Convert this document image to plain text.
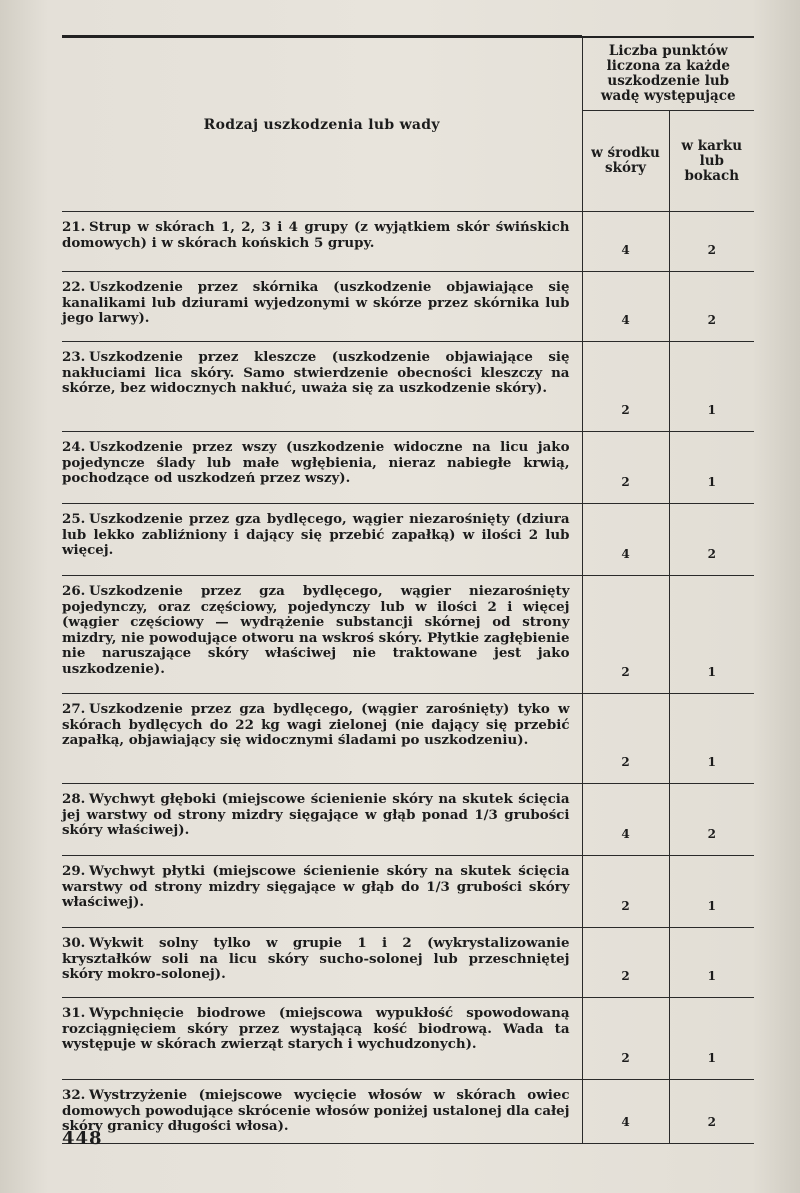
Rodzaj uszkodzenia lub wady	Liczba punktów liczona za każde uszkodzenie lub wadę występujące	
	w środku skóry	w karku lub bokach
21. Strup w skórach 1, 2, 3 i 4 grupy (z wyjątkiem skór świńskich domowych) i w skórach końskich 5 grupy.	4	2
22. Uszkodzenie przez skórnika (uszkodzenie objawiające się kanalikami lub dziurami wyjedzonymi w skórze przez skórnika lub jego larwy).	4	2
23. Uszkodzenie przez kleszcze (uszkodzenie objawiające się nakłuciami lica skóry. Samo stwierdzenie obecności kleszczy na skórze, bez widocznych nakłuć, uważa się za uszkodzenie skóry).	2	1
24. Uszkodzenie przez wszy (uszkodzenie widoczne na licu jako pojedyncze ślady lub małe wgłębienia, nieraz nabiegłe krwią, pochodzące od uszkodzeń przez wszy).	2	1
25. Uszkodzenie przez gza bydlęcego, wągier niezarośnięty (dziura lub lekko zabliźniony i dający się przebić zapałką) w ilości 2 lub więcej.	4	2
26. Uszkodzenie przez gza bydlęcego, wągier niezarośnięty pojedynczy, oraz częściowy, pojedynczy lub w ilości 2 i więcej (wągier częściowy — wydrążenie substancji skórnej od strony mizdry, nie powodujące otworu na wskroś skóry. Płytkie zagłębienie nie naruszające skóry właściwej nie traktowane jest jako uszkodzenie).	2	1
27. Uszkodzenie przez gza bydlęcego, (wągier zarośnięty) tyko w skórach bydlęcych do 22 kg wagi zielonej (nie dający się przebić zapałką, objawiający się widocznymi śladami po uszkodzeniu).	2	1
28. Wychwyt głęboki (miejscowe ścienienie skóry na skutek ścięcia jej warstwy od strony mizdry sięgające w głąb ponad 1/3 grubości skóry właściwej).	4	2
29. Wychwyt płytki (miejscowe ścienienie skóry na skutek ścięcia warstwy od strony mizdry sięgające w głąb do 1/3 grubości skóry właściwej).	2	1
30. Wykwit solny tylko w grupie 1 i 2 (wykrystalizowanie kryształków soli na licu skóry sucho-solonej lub przeschniętej skóry mokro-solonej).	2	1
31. Wypchnięcie biodrowe (miejscowa wypukłość spowodowaną rozciągnięciem skóry przez wystającą kość biodrową. Wada ta występuje w skórach zwierząt starych i wychudzonych).	2	1
32. Wystrzyżenie (miejscowe wycięcie włosów w skórach owiec domowych powodujące skrócenie włosów poniżej ustalonej dla całej skóry granicy długości włosa).	4	2
448
